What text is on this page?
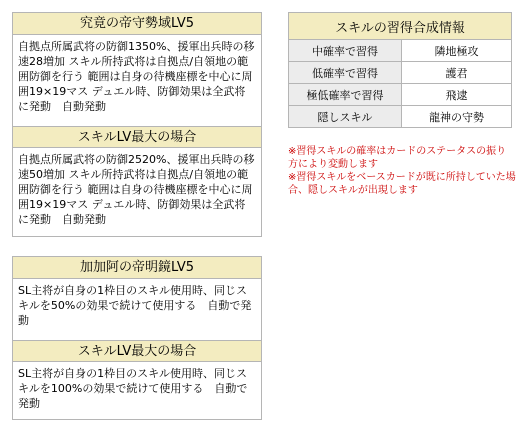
究竟の帝守勢域LV5
自拠点所属武将の防御1350%、援軍出兵時の移速28増加 スキル所持武将は自拠点/自領地の範囲防御を行う 範囲は自身の待機座標を中心に周囲19×19マス デュエル時、防御効果は全武将に発動　自動発動
スキルLV最大の場合
自拠点所属武将の防御2520%、援軍出兵時の移速50増加 スキル所持武将は自拠点/自領地の範囲防御を行う 範囲は自身の待機座標を中心に周囲19×19マス デュエル時、防御効果は全武将に発動　自動発動
加加阿の帝明鏡LV5
SL主将が自身の1枠目のスキル使用時、同じスキルを50%の効果で続けて使用する　自動で発動
スキルLV最大の場合
SL主将が自身の1枠目のスキル使用時、同じスキルを100%の効果で続けて使用する　自動で発動
スキルの習得合成情報	
中確率で習得	隣地極攻
低確率で習得	護君
極低確率で習得	飛逮
隠しスキル	龍神の守勢
※習得スキルの確率はカードのステータスの振り方により変動します
※習得スキルをベースカードが既に所持していた場合、隠しスキルが出現します
